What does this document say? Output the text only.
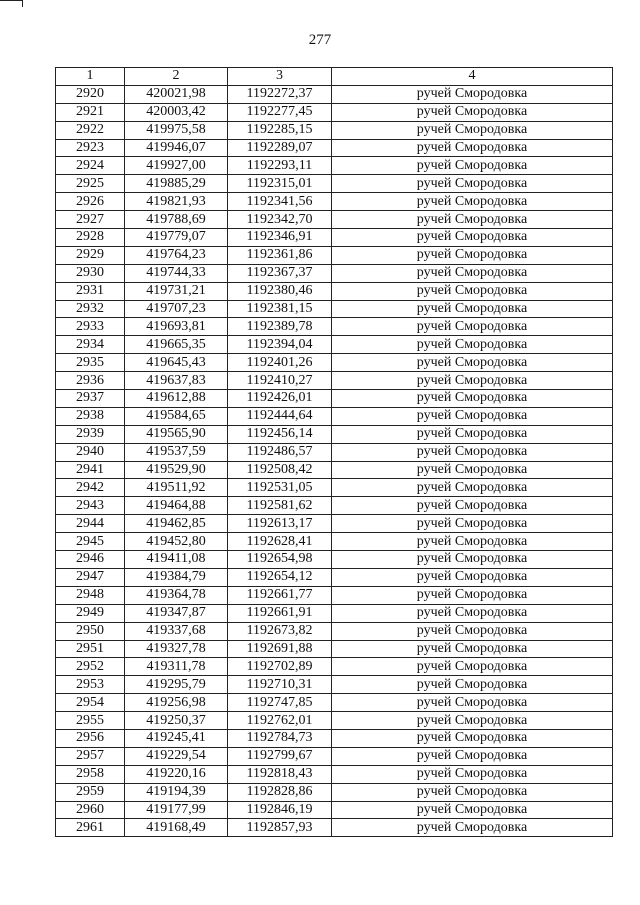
277
1	2	3	4
2920	420021,98	1192272,37	ручей Смородовка
2921	420003,42	1192277,45	ручей Смородовка
2922	419975,58	1192285,15	ручей Смородовка
2923	419946,07	1192289,07	ручей Смородовка
2924	419927,00	1192293,11	ручей Смородовка
2925	419885,29	1192315,01	ручей Смородовка
2926	419821,93	1192341,56	ручей Смородовка
2927	419788,69	1192342,70	ручей Смородовка
2928	419779,07	1192346,91	ручей Смородовка
2929	419764,23	1192361,86	ручей Смородовка
2930	419744,33	1192367,37	ручей Смородовка
2931	419731,21	1192380,46	ручей Смородовка
2932	419707,23	1192381,15	ручей Смородовка
2933	419693,81	1192389,78	ручей Смородовка
2934	419665,35	1192394,04	ручей Смородовка
2935	419645,43	1192401,26	ручей Смородовка
2936	419637,83	1192410,27	ручей Смородовка
2937	419612,88	1192426,01	ручей Смородовка
2938	419584,65	1192444,64	ручей Смородовка
2939	419565,90	1192456,14	ручей Смородовка
2940	419537,59	1192486,57	ручей Смородовка
2941	419529,90	1192508,42	ручей Смородовка
2942	419511,92	1192531,05	ручей Смородовка
2943	419464,88	1192581,62	ручей Смородовка
2944	419462,85	1192613,17	ручей Смородовка
2945	419452,80	1192628,41	ручей Смородовка
2946	419411,08	1192654,98	ручей Смородовка
2947	419384,79	1192654,12	ручей Смородовка
2948	419364,78	1192661,77	ручей Смородовка
2949	419347,87	1192661,91	ручей Смородовка
2950	419337,68	1192673,82	ручей Смородовка
2951	419327,78	1192691,88	ручей Смородовка
2952	419311,78	1192702,89	ручей Смородовка
2953	419295,79	1192710,31	ручей Смородовка
2954	419256,98	1192747,85	ручей Смородовка
2955	419250,37	1192762,01	ручей Смородовка
2956	419245,41	1192784,73	ручей Смородовка
2957	419229,54	1192799,67	ручей Смородовка
2958	419220,16	1192818,43	ручей Смородовка
2959	419194,39	1192828,86	ручей Смородовка
2960	419177,99	1192846,19	ручей Смородовка
2961	419168,49	1192857,93	ручей Смородовка
